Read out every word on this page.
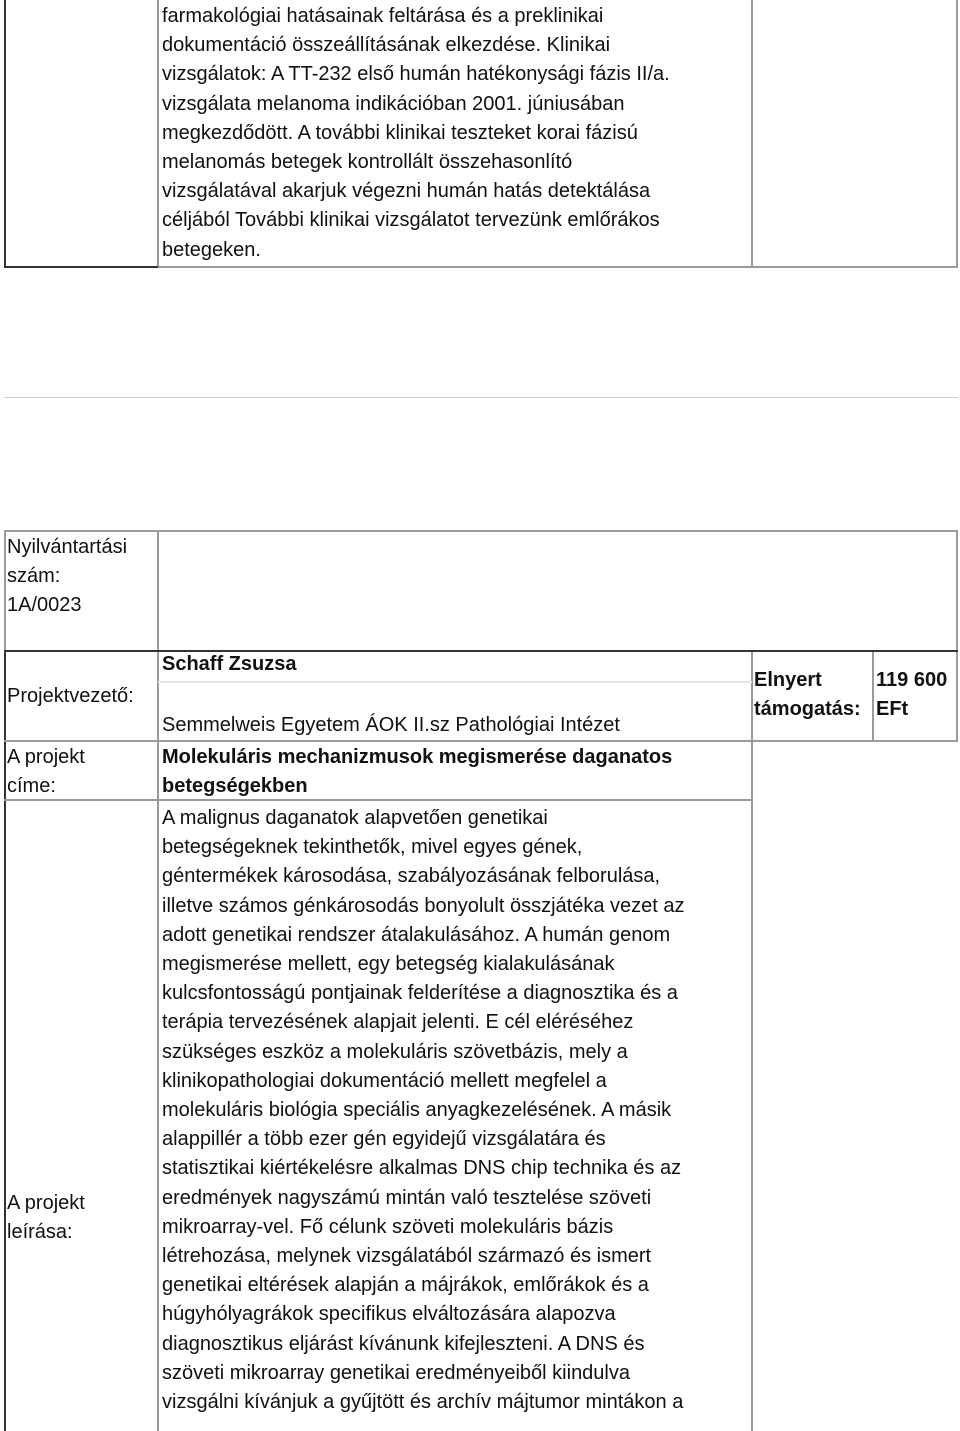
farmakológiai hatásainak feltárása és a preklinikai
dokumentáció összeállításának elkezdése. Klinikai
vizsgálatok: A TT-232 első humán hatékonysági fázis II/a.
vizsgálata melanoma indikációban 2001. júniusában
megkezdődött. A további klinikai teszteket korai fázisú
melanomás betegek kontrollált összehasonlító
vizsgálatával akarjuk végezni humán hatás detektálása
céljából További klinikai vizsgálatot tervezünk emlőrákos
betegeken.
Nyilvántartási
szám:
1A/0023
Projektvezető:
Schaff Zsuzsa
Semmelweis Egyetem ÁOK II.sz Pathológiai Intézet
Elnyert
támogatás:
119 600
EFt
A projekt
címe:
Molekuláris mechanizmusok megismerése daganatos
betegségekben
A projekt
leírása:
A malignus daganatok alapvetően genetikai
betegségeknek tekinthetők, mivel egyes gének,
géntermékek károsodása, szabályozásának felborulása,
illetve számos génkárosodás bonyolult összjátéka vezet az
adott genetikai rendszer átalakulásához. A humán genom
megismerése mellett, egy betegség kialakulásának
kulcsfontosságú pontjainak felderítése a diagnosztika és a
terápia tervezésének alapjait jelenti. E cél eléréséhez
szükséges eszköz a molekuláris szövetbázis, mely a
klinikopathologiai dokumentáció mellett megfelel a
molekuláris biológia speciális anyagkezelésének. A másik
alappillér a több ezer gén egyidejű vizsgálatára és
statisztikai kiértékelésre alkalmas DNS chip technika és az
eredmények nagyszámú mintán való tesztelése szöveti
mikroarray-vel. Fő célunk szöveti molekuláris bázis
létrehozása, melynek vizsgálatából származó és ismert
genetikai eltérések alapján a májrákok, emlőrákok és a
húgyhólyagrákok specifikus elváltozására alapozva
diagnosztikus eljárást kívánunk kifejleszteni. A DNS és
szöveti mikroarray genetikai eredményeiből kiindulva
vizsgálni kívánjuk a gyűjtött és archív májtumor mintákon a
